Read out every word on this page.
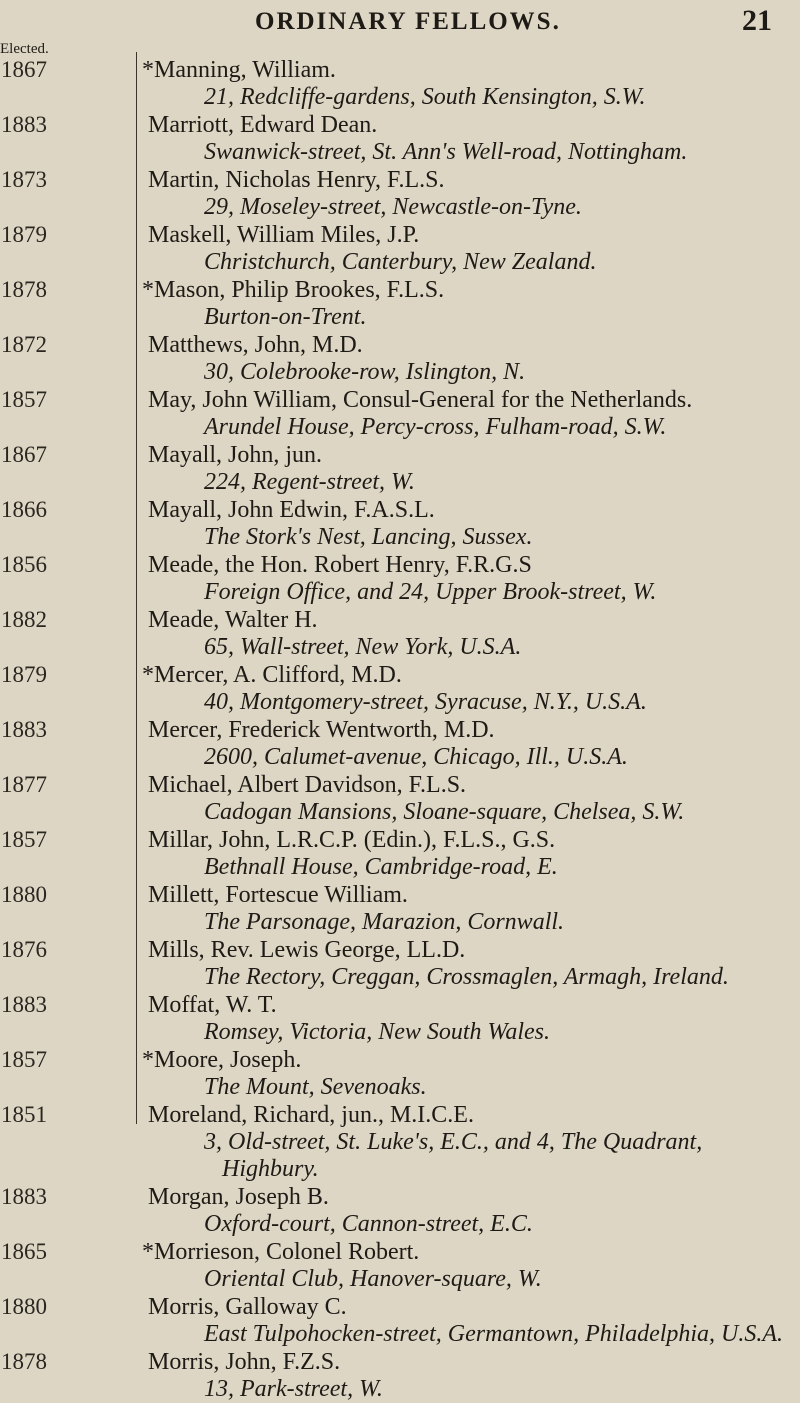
ORDINARY FELLOWS.	21
Elected.
1867	*Manning, William.
21, Redcliffe-gardens, South Kensington, S.W.
1883	Marriott, Edward Dean.
Swanwick-street, St. Ann's Well-road, Nottingham.
1873	Martin, Nicholas Henry, F.L.S.
29, Moseley-street, Newcastle-on-Tyne.
1879	Maskell, William Miles, J.P.
Christchurch, Canterbury, New Zealand.
1878	*Mason, Philip Brookes, F.L.S.
Burton-on-Trent.
1872	Matthews, John, M.D.
30, Colebrooke-row, Islington, N.
1857	May, John William, Consul-General for the Netherlands.
Arundel House, Percy-cross, Fulham-road, S.W.
1867	Mayall, John, jun.
224, Regent-street, W.
1866	Mayall, John Edwin, F.A.S.L.
The Stork's Nest, Lancing, Sussex.
1856	Meade, the Hon. Robert Henry, F.R.G.S
Foreign Office, and 24, Upper Brook-street, W.
1882	Meade, Walter H.
65, Wall-street, New York, U.S.A.
1879	*Mercer, A. Clifford, M.D.
40, Montgomery-street, Syracuse, N.Y., U.S.A.
1883	Mercer, Frederick Wentworth, M.D.
2600, Calumet-avenue, Chicago, Ill., U.S.A.
1877	Michael, Albert Davidson, F.L.S.
Cadogan Mansions, Sloane-square, Chelsea, S.W.
1857	Millar, John, L.R.C.P. (Edin.), F.L.S., G.S.
Bethnall House, Cambridge-road, E.
1880	Millett, Fortescue William.
The Parsonage, Marazion, Cornwall.
1876	Mills, Rev. Lewis George, LL.D.
The Rectory, Creggan, Crossmaglen, Armagh, Ireland.
1883	Moffat, W. T.
Romsey, Victoria, New South Wales.
1857	*Moore, Joseph.
The Mount, Sevenoaks.
1851	Moreland, Richard, jun., M.I.C.E.
3, Old-street, St. Luke's, E.C., and 4, The Quadrant,
Highbury.
1883	Morgan, Joseph B.
Oxford-court, Cannon-street, E.C.
1865	*Morrieson, Colonel Robert.
Oriental Club, Hanover-square, W.
1880	Morris, Galloway C.
East Tulpohocken-street, Germantown, Philadelphia, U.S.A.
1878	Morris, John, F.Z.S.
13, Park-street, W.
